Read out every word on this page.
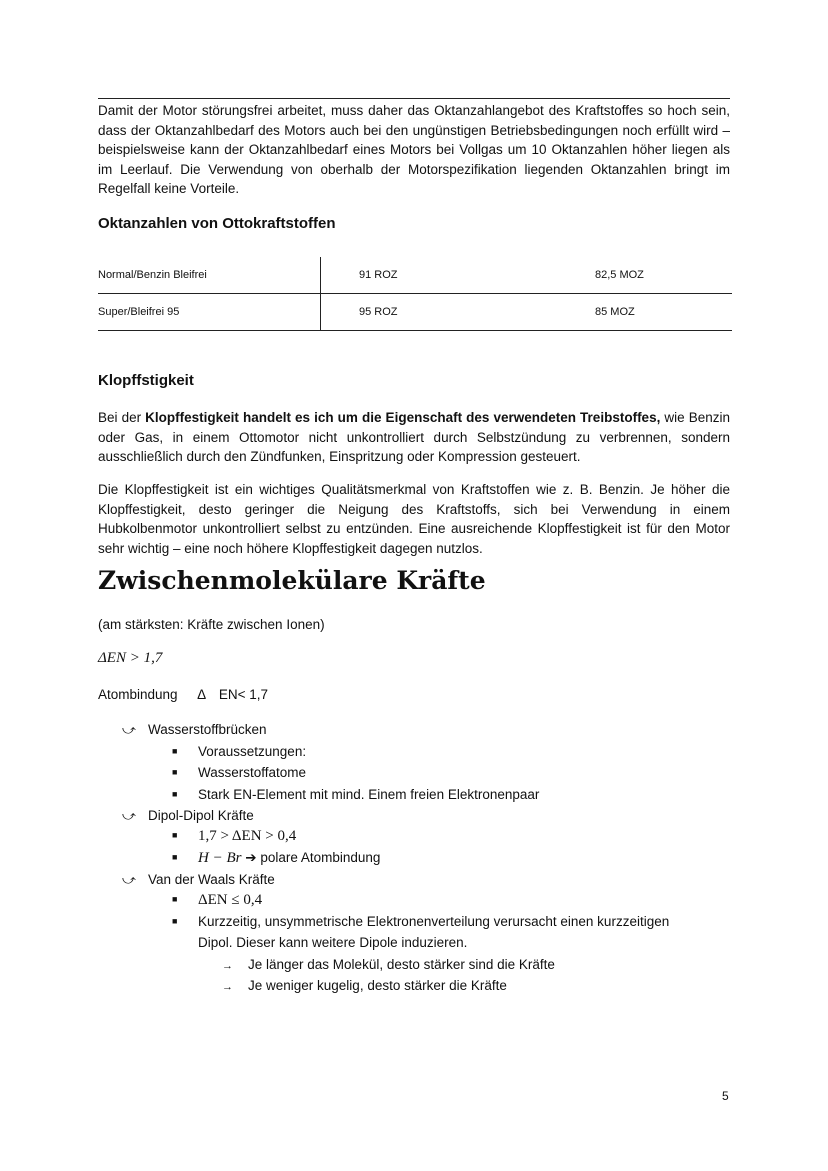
Damit der Motor störungsfrei arbeitet, muss daher das Oktanzahlangebot des Kraftstoffes so hoch sein, dass der Oktanzahlbedarf des Motors auch bei den ungünstigen Betriebsbedingungen noch erfüllt wird – beispielsweise kann der Oktanzahlbedarf eines Motors bei Vollgas um 10 Oktanzahlen höher liegen als im Leerlauf. Die Verwendung von oberhalb der Motorspezifikation liegenden Oktanzahlen bringt im Regelfall keine Vorteile.

Oktanzahlen von Ottokraftstoffen
Normal/Benzin Bleifrei	91 ROZ	82,5 MOZ
Super/Bleifrei 95	95 ROZ	85 MOZ
Klopffstigkeit

Bei der Klopffestigkeit handelt es ich um die Eigenschaft des verwendeten Treibstoffes, wie Benzin oder Gas, in einem Ottomotor nicht unkontrolliert durch Selbstzündung zu verbrennen, sondern ausschließlich durch den Zündfunken, Einspritzung oder Kompression gesteuert.

Die Klopffestigkeit ist ein wichtiges Qualitätsmerkmal von Kraftstoffen wie z. B. Benzin. Je höher die Klopffestigkeit, desto geringer die Neigung des Kraftstoffs, sich bei Verwendung in einem Hubkolbenmotor unkontrolliert selbst zu entzünden. Eine ausreichende Klopffestigkeit ist für den Motor sehr wichtig – eine noch höhere Klopffestigkeit dagegen nutzlos.

Zwischenmolekülare Kräfte
(am stärksten: Kräfte zwischen Ionen)
ΔEN > 1,7
Atombindung Δ EN< 1,7
⤻ Wasserstoffbrücken
■ Voraussetzungen:
■ Wasserstoffatome
■ Stark EN-Element mit mind. Einem freien Elektronenpaar
⤻ Dipol-Dipol Kräfte
■ 1,7 > ΔEN > 0,4
■ H − Br ➔ polare Atombindung
⤻ Van der Waals Kräfte
■ ΔEN ≤ 0,4
■ Kurzzeitig, unsymmetrische Elektronenverteilung verursacht einen kurzzeitigen
Dipol. Dieser kann weitere Dipole induzieren.
→ Je länger das Molekül, desto stärker sind die Kräfte
→ Je weniger kugelig, desto stärker die Kräfte
5
